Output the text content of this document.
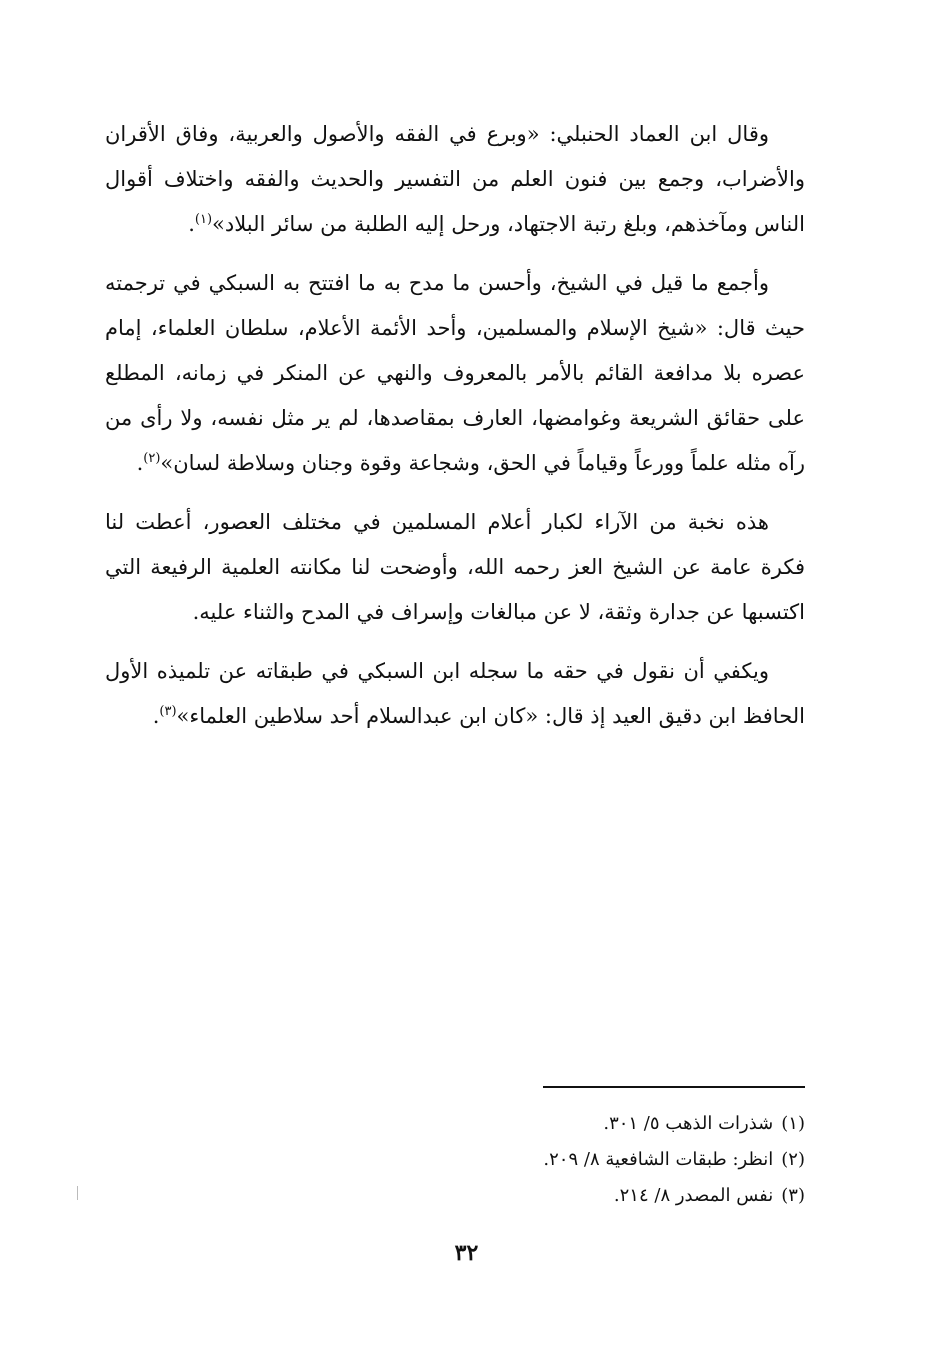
وقال ابن العماد الحنبلي: «وبرع في الفقه والأصول والعربية، وفاق الأقران والأضراب، وجمع بين فنون العلم من التفسير والحديث والفقه واختلاف أقوال الناس ومآخذهم، وبلغ رتبة الاجتهاد، ورحل إليه الطلبة من سائر البلاد»$^{(١)}$.

وأجمع ما قيل في الشيخ، وأحسن ما مدح به ما افتتح به السبكي في ترجمته حيث قال: «شيخ الإسلام والمسلمين، وأحد الأئمة الأعلام، سلطان العلماء، إمام عصره بلا مدافعة القائم بالأمر بالمعروف والنهي عن المنكر في زمانه، المطلع على حقائق الشريعة وغوامضها، العارف بمقاصدها، لم ير مثل نفسه، ولا رأى من رآه مثله علماً وورعاً وقياماً في الحق، وشجاعة وقوة وجنان وسلاطة لسان»$^{(٢)}$.

هذه نخبة من الآراء لكبار أعلام المسلمين في مختلف العصور، أعطت لنا فكرة عامة عن الشيخ العز رحمه الله، وأوضحت لنا مكانته العلمية الرفيعة التي اكتسبها عن جدارة وثقة، لا عن مبالغات وإسراف في المدح والثناء عليه.

ويكفي أن نقول في حقه ما سجله ابن السبكي في طبقاته عن تلميذه الأول الحافظ ابن دقيق العيد إذ قال: «كان ابن عبدالسلام أحد سلاطين العلماء»$^{(٣)}$.

(١)شذرات الذهب ٥/ ٣٠١.
(٢)انظر: طبقات الشافعية ٨/ ٢٠٩.
(٣)نفس المصدر ٨/ ٢١٤.
٣٢
